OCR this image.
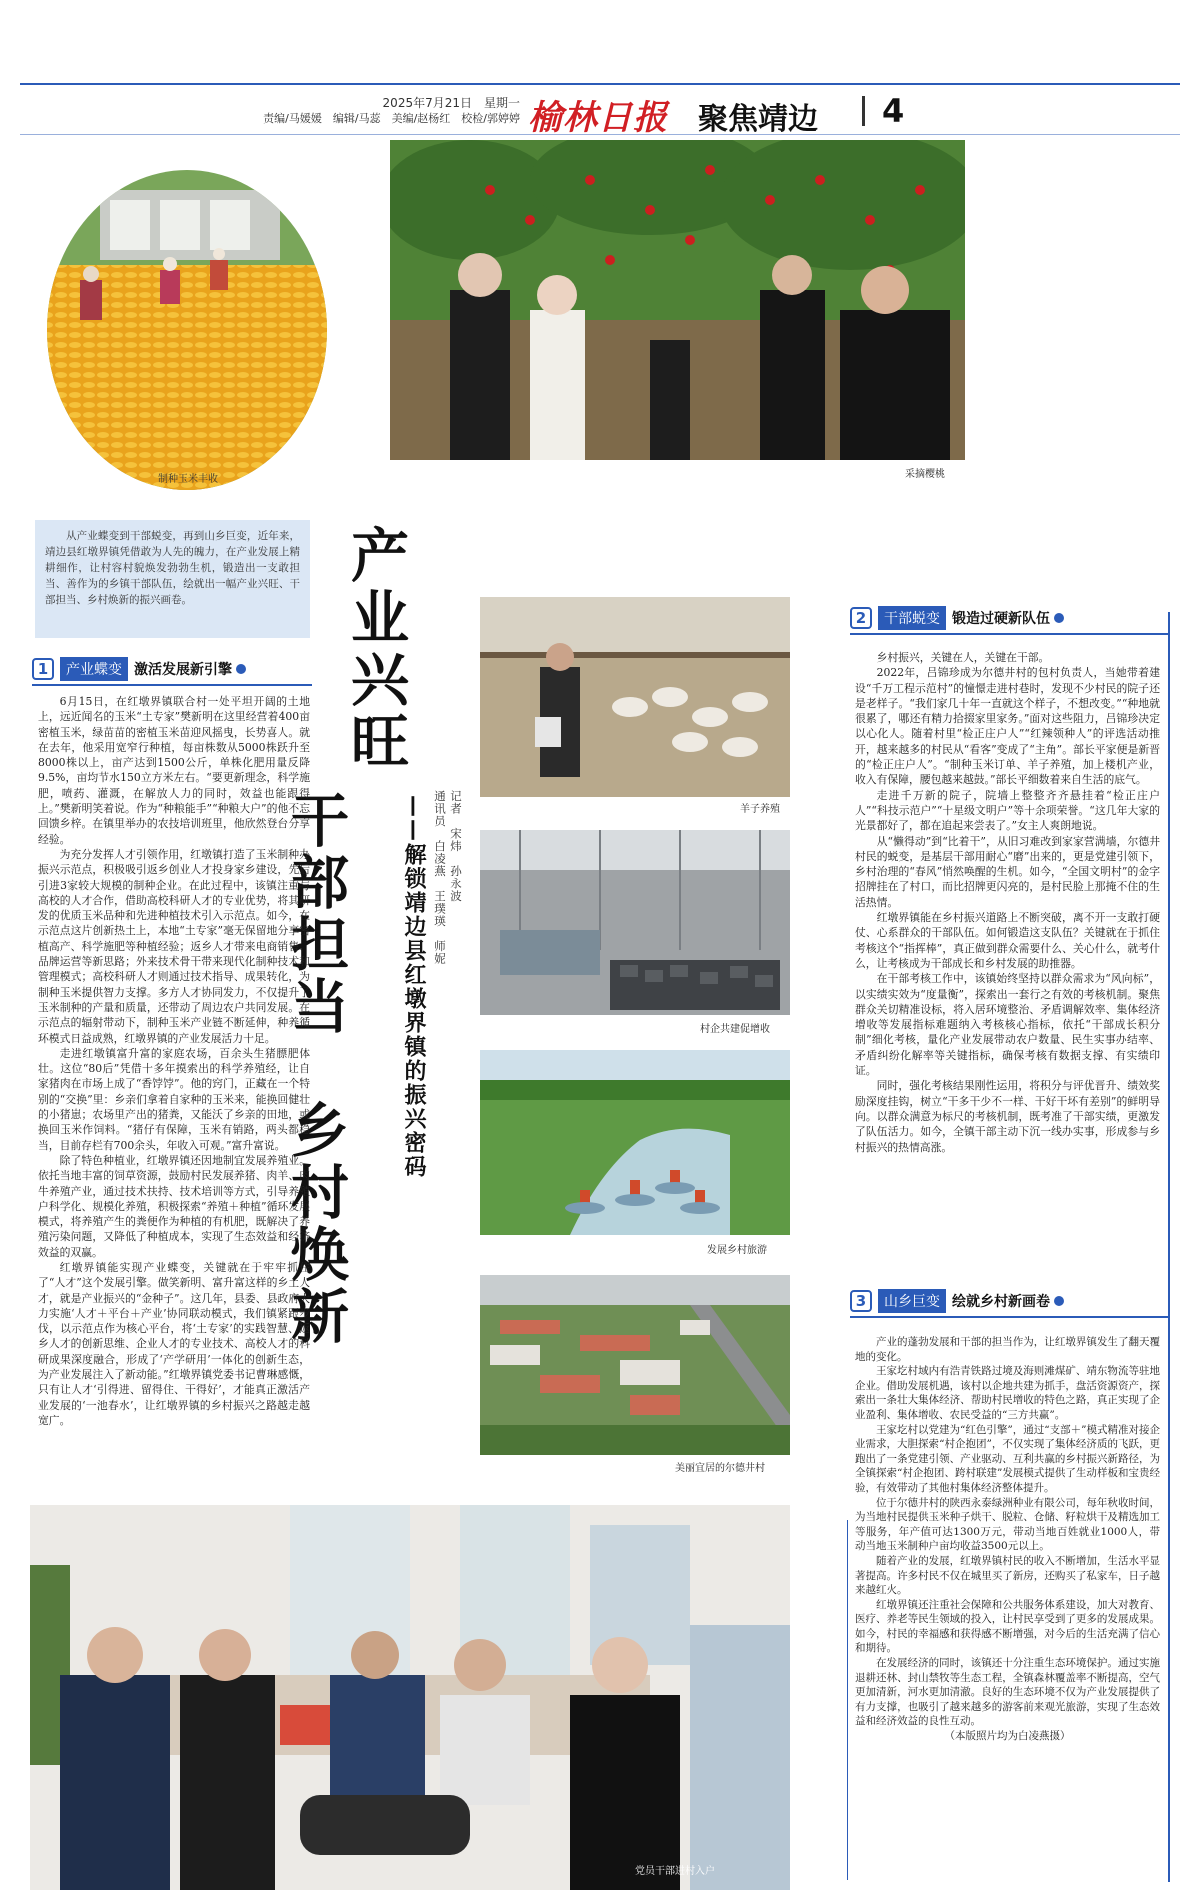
2025年7月21日　星期一
责编/马媛媛　编辑/马蕊　美编/赵杨红　校检/郭婷婷 榆林日报 聚焦靖边 4
制种玉米丰收	采摘樱桃
从产业蝶变到干部蜕变，再到山乡巨变，近年来，靖边县红墩界镇凭借敢为人先的魄力，在产业发展上精耕细作，让村容村貌焕发勃勃生机，锻造出一支敢担当、善作为的乡镇干部队伍，绘就出一幅产业兴旺、干部担当、乡村焕新的振兴画卷。	产业兴旺
干部担当　乡村焕新 ——解锁靖边县红墩界镇的振兴密码	记者　宋炜　孙永波
通讯员　白凌燕　王璞瑛　师妮
1	产业蝶变 激活发展新引擎

6月15日，在红墩界镇联合村一处平坦开阔的土地上，远近闻名的玉米“土专家”樊新明在这里经营着400亩密植玉米，绿苗苗的密植玉米苗迎风摇曳，长势喜人。就在去年，他采用宽窄行种植，每亩株数从5000株跃升至8000株以上，亩产达到1500公斤，单株化肥用量反降9.5%，亩均节水150立方米左右。“要更新理念，科学施肥，喷药、灌溉，在解放人力的同时，效益也能跟得上。”樊新明笑着说。作为“种粮能手”“种粮大户”的他不忘回馈乡梓。在镇里举办的农技培训班里，他欣然登台分享经验。

为充分发挥人才引领作用，红墩镇打造了玉米制种办振兴示范点，积极吸引返乡创业人才投身家乡建设，先后引进3家较大规模的制种企业。在此过程中，该镇注重与高校的人才合作，借助高校科研人才的专业优势，将其研发的优质玉米品种和先进种植技术引入示范点。如今，在示范点这片创新热土上，本地“土专家”毫无保留地分享密植高产、科学施肥等种植经验；返乡人才带来电商销售、品牌运营等新思路；外来技术骨干带来现代化制种技术和管理模式；高校科研人才则通过技术指导、成果转化，为制种玉米提供智力支撑。多方人才协同发力，不仅提升了玉米制种的产量和质量，还带动了周边农户共同发展。在示范点的辐射带动下，制种玉米产业链不断延伸，种养循环模式日益成熟，红墩界镇的产业发展活力十足。

走进红墩镇富升富的家庭农场，百余头生猪膘肥体壮。这位“80后”凭借十多年摸索出的科学养殖经，让自家猪肉在市场上成了“香饽饽”。他的窍门，正藏在一个特别的“交换”里：乡亲们拿着自家种的玉米来，能换回健壮的小猪崽；农场里产出的猪粪，又能沃了乡亲的田地，或换回玉米作饲料。“猪仔有保障，玉米有销路，两头都稳当，目前存栏有700余头，年收入可观。”富升富说。

除了特色种植业，红墩界镇还因地制宜发展养殖业。依托当地丰富的饲草资源，鼓励村民发展养猪、肉羊、肉牛养殖产业，通过技术扶持、技术培训等方式，引导养殖户科学化、规模化养殖，积极探索“养殖＋种植”循环发展模式，将养殖产生的粪便作为种植的有机肥，既解决了养殖污染问题，又降低了种植成本，实现了生态效益和经济效益的双赢。

红墩界镇能实现产业蝶变，关键就在于牢牢抓住了“人才”这个发展引擎。做笑新明、富升富这样的乡土人才，就是产业振兴的“金种子”。这几年，县委、县政府大力实施‘人才＋平台＋产业’协同联动模式，我们镇紧跟步伐，以示范点作为核心平台，将‘土专家’的实践智慧、返乡人才的创新思维、企业人才的专业技术、高校人才的科研成果深度融合，形成了‘产学研用’一体化的创新生态，为产业发展注入了新动能。”红墩界镇党委书记曹琳感慨，只有让人才‘引得进、留得住、干得好’，才能真正激活产业发展的‘一池春水’，让红墩界镇的乡村振兴之路越走越宽广。

羊子养殖
村企共建促增收
发展乡村旅游
美丽宜居的尔德井村
党员干部进村入户
2	干部蜕变 锻造过硬新队伍

乡村振兴，关键在人，关键在干部。

2022年，吕锦珍成为尔德井村的包村负责人，当她带着建设“千万工程示范村”的憧憬走进村巷时，发现不少村民的院子还是老样子。“我们家几十年一直就这个样子，不想改变。”“种地就很累了，哪还有精力拾掇家里家务。”面对这些阻力，吕锦珍决定以心化人。随着村里“检正庄户人”“红辣领种人”的评选活动推开，越来越多的村民从“看客”变成了“主角”。部长平家便是新晋的“检正庄户人”。“制种玉米订单、羊子养殖，加上楼机产业，收入有保障，腰包越来越鼓。”部长平细数着来自生活的底气。

走进千万新的院子，院墙上整整齐齐悬挂着“检正庄户人”“科技示范户”“十星级文明户”等十余项荣誉。“这几年大家的光景都好了，都在追起来尝表了。”女主人爽朗地说。

从“懒得动”到“比着干”，从旧习难改到家家营满墙，尔德井村民的蜕变，是基层干部用耐心“磨”出来的，更是党建引领下，乡村治理的“春风”悄然唤醒的生机。如今，“全国文明村”的金字招牌挂在了村口，而比招牌更闪亮的，是村民脸上那掩不住的生活热情。

红墩界镇能在乡村振兴道路上不断突破，离不开一支敢打硬仗、心系群众的干部队伍。如何锻造这支队伍？关键就在于抓住考核这个“指挥棒”，真正做到群众需要什么、关心什么，就考什么，让考核成为干部成长和乡村发展的助推器。

在干部考核工作中，该镇始终坚持以群众需求为“风向标”，以实绩实效为“度量衡”，探索出一套行之有效的考核机制。聚焦群众关切精准设标，将入居环境整治、矛盾调解效率、集体经济增收等发展指标难题纳入考核核心指标，依托“干部成长积分制”细化考核，量化产业发展带动农户数量、民生实事办结率、矛盾纠纷化解率等关键指标，确保考核有数据支撑、有实绩印证。

同时，强化考核结果刚性运用，将积分与评优晋升、绩效奖励深度挂钩，树立“干多干少不一样、干好干坏有差别”的鲜明导向。以群众满意为标尺的考核机制，既考准了干部实绩，更激发了队伍活力。如今，全镇干部主动下沉一线办实事，形成参与乡村振兴的热情高涨。

3	山乡巨变 绘就乡村新画卷

产业的蓬勃发展和干部的担当作为，让红墩界镇发生了翻天覆地的变化。

王家圪村域内有浩青铁路过境及海则滩煤矿、靖东物流等驻地企业。借助发展机遇，该村以企地共建为抓手，盘活资源资产，探索出一条壮大集体经济、帮助村民增收的特色之路，真正实现了企业盈利、集体增收、农民受益的“三方共赢”。

王家圪村以党建为“红色引擎”，通过“支部＋”模式精准对接企业需求，大胆探索“村企抱团”，不仅实现了集体经济质的飞跃，更跑出了一条党建引领、产业驱动、互利共赢的乡村振兴新路径，为全镇探索“村企抱团、跨村联建”发展模式提供了生动样板和宝贵经验，有效带动了其他村集体经济整体提升。

位于尔德井村的陕西永泰绿洲种业有限公司，每年秋收时间，为当地村民提供玉米种子烘干、脱粒、仓储、籽粒烘干及精选加工等服务，年产值可达1300万元，带动当地百姓就业1000人，带动当地玉米制种户亩均收益3500元以上。

随着产业的发展，红墩界镇村民的收入不断增加，生活水平显著提高。许多村民不仅在城里买了新房，还购买了私家车，日子越来越红火。

红墩界镇还注重社会保障和公共服务体系建设，加大对教育、医疗、养老等民生领域的投入，让村民享受到了更多的发展成果。如今，村民的幸福感和获得感不断增强，对今后的生活充满了信心和期待。

在发展经济的同时，该镇还十分注重生态环境保护。通过实施退耕还林、封山禁牧等生态工程，全镇森林覆盖率不断提高，空气更加清新，河水更加清澈。良好的生态环境不仅为产业发展提供了有力支撑，也吸引了越来越多的游客前来观光旅游，实现了生态效益和经济效益的良性互动。

（本版照片均为白凌燕摄）
